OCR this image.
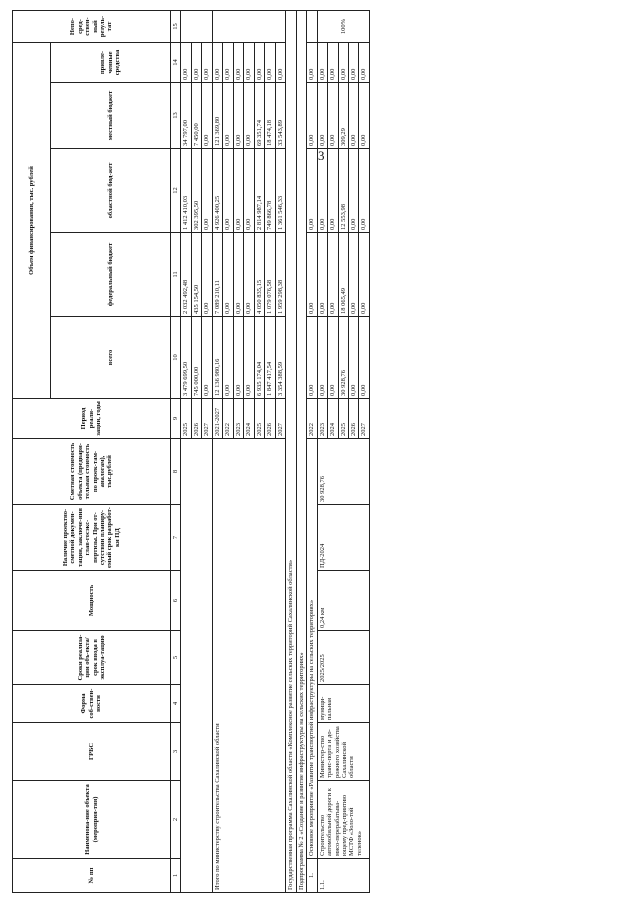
3
№ пп	Наименова-ние объекта (мероприя-тия)	ГРБС	Форма соб-ствен-ности	Сроки реализа-ции объ-екта/срок ввода в эксплуа-тацию	Мощность	Наличие проектно-сметной докумен-тации, заключе-ния глав-госэкс-пертизы. При от-сутствии планиру-емый срок разработ-ки ПД	Сметная стоимость объекта (предвари-тельная стоимость по проек-там-аналогам), тыс.рублей	Период реали-зации, годы	Объем финансирования, тыс. рублей					Непо-сред-ствен-ный резуль-тат
									всего	федеральный бюджет	областной бюд-жет	местный бюджет	привле-ченные средства	
1	2	3	4	5	6	7	8	9	10	11	12	13	14	15
								2025	3 479 699,50	2 032 492,48	1 412 410,03	34 797,00	0,00	
								2026	745 000,00	435 154,50	302 395,50	7 450,00	0,00	
								2027	0,00	0,00	0,00	0,00	0,00	
Итого по министерству строительства Сахалинской области								2021-2027	12 136 980,16	7 089 210,11	4 926 400,25	121 369,80	0,00	
								2022	0,00	0,00	0,00	0,00	0,00	
								2023	0,00	0,00	0,00	0,00	0,00	
								2024	0,00	0,00	0,00	0,00	0,00	
								2025	6 935 174,04	4 050 835,15	2 814 987,14	69 351,74	0,00	
								2026	1 847 417,54	1 079 076,58	749 866,78	18 474,18	0,00	
								2027	3 354 388,59	1 959 298,38	1 361 546,33	33 543,89	0,00	
Государственная программа Сахалинской области «Комплексное развитие сельских территорий Сахалинской области»														
Подпрограмма № 2 «Создание и развитие инфраструктуры на сельских территориях»														
1.	Основное мероприятие «Развитие транспортной инфраструктуры на сельских территориях»							2022	0,00	0,00	0,00	0,00	0,00	
1.1.	Строительство автомобильной дороги к мясо-перерабатыва-ющему пред-приятию МСТФ «Золо-той теленок»	Министер-ство транс-порта и до-рожного хозяйства Сахалинской области	муници-пальная	2025/2025	0,24 км	ПД-2024	30 928,76	2023	0,00	0,00	0,00	0,00	0,00	100%
								2024	0,00	0,00	0,00	0,00	0,00	
								2025	30 928,76	18 065,49	12 553,98	309,29	0,00	
								2026	0,00	0,00	0,00	0,00	0,00	
								2027	0,00	0,00	0,00	0,00	0,00	
